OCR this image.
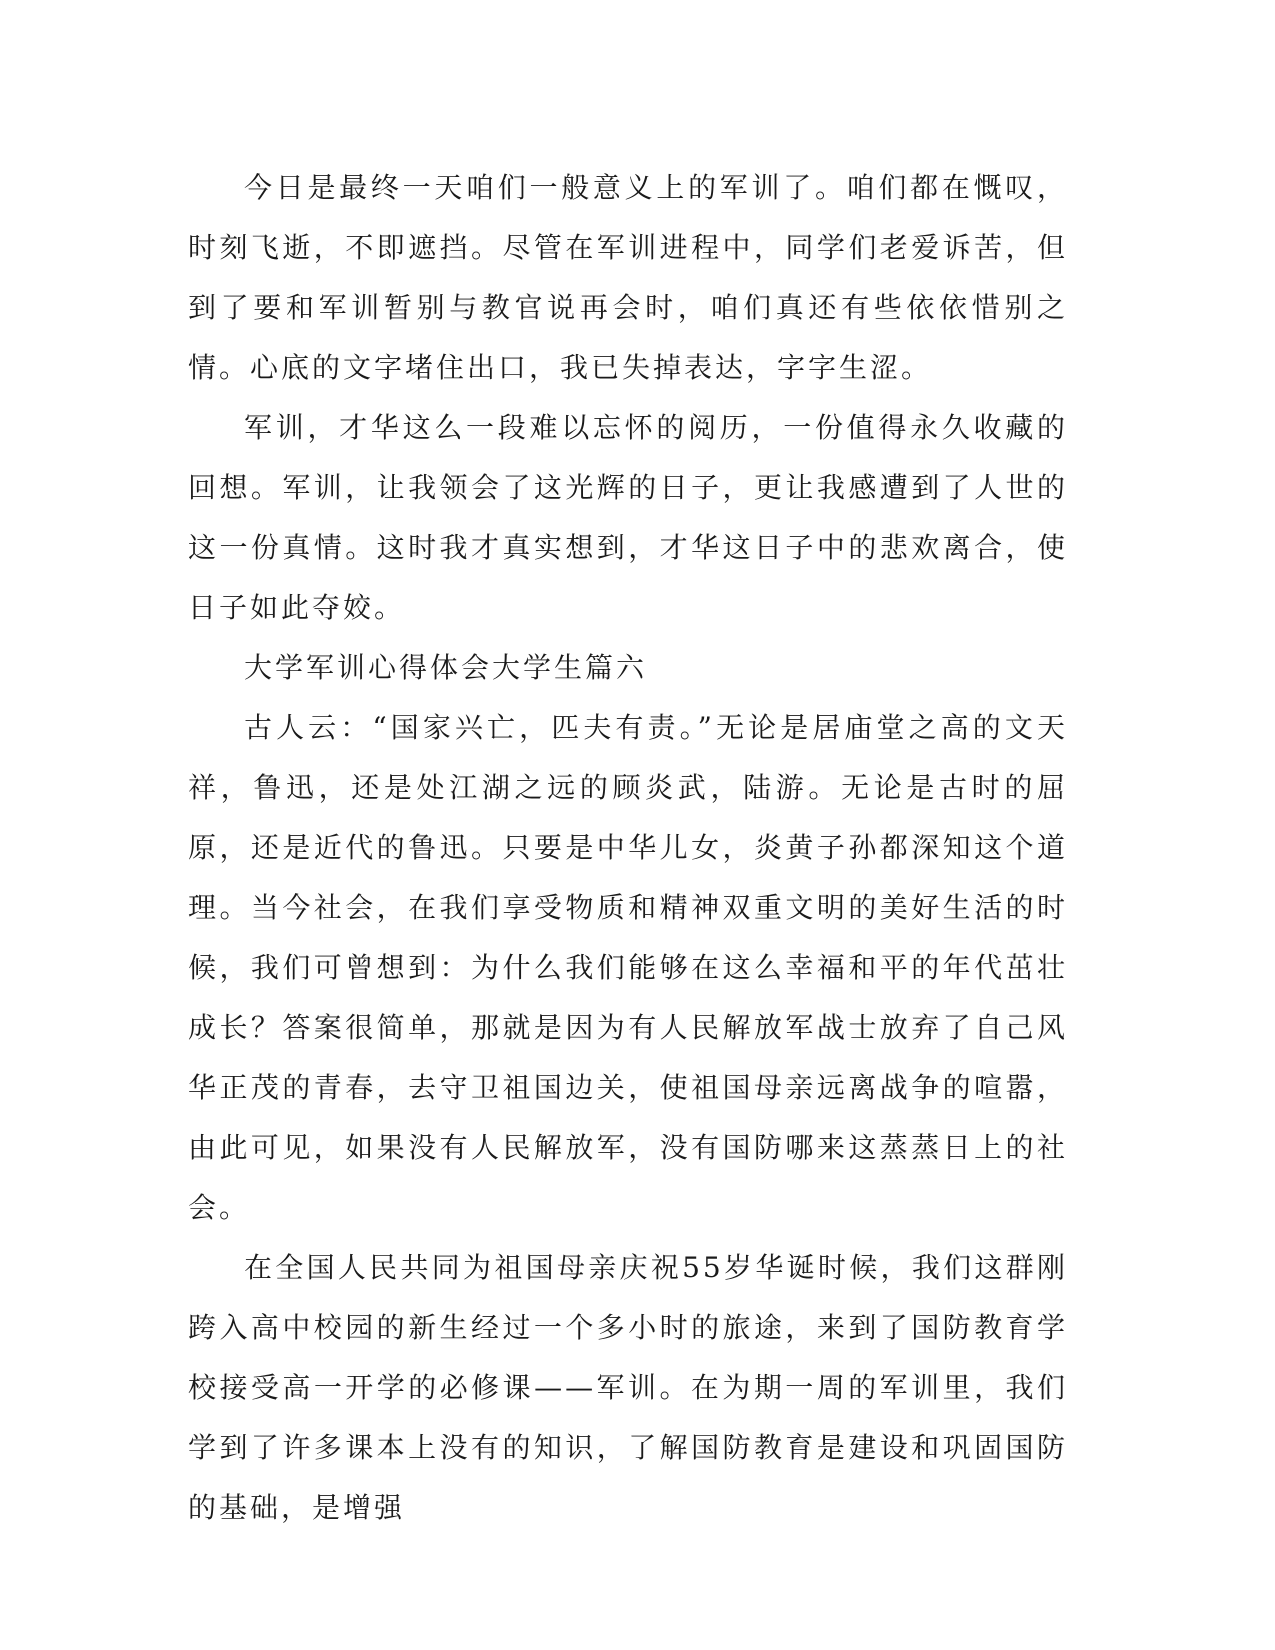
今日是最终一天咱们一般意义上的军训了。咱们都在慨叹，时刻飞逝，不即遮挡。尽管在军训进程中，同学们老爱诉苦，但到了要和军训暂别与教官说再会时，咱们真还有些依依惜别之情。心底的文字堵住出口，我已失掉表达，字字生涩。

军训，才华这么一段难以忘怀的阅历，一份值得永久收藏的回想。军训，让我领会了这光辉的日子，更让我感遭到了人世的这一份真情。这时我才真实想到，才华这日子中的悲欢离合，使日子如此夺姣。

大学军训心得体会大学生篇六

古人云：“国家兴亡，匹夫有责。”无论是居庙堂之高的文天祥，鲁迅，还是处江湖之远的顾炎武，陆游。无论是古时的屈原，还是近代的鲁迅。只要是中华儿女，炎黄子孙都深知这个道理。当今社会，在我们享受物质和精神双重文明的美好生活的时候，我们可曾想到：为什么我们能够在这么幸福和平的年代茁壮成长？答案很简单，那就是因为有人民解放军战士放弃了自己风华正茂的青春，去守卫祖国边关，使祖国母亲远离战争的喧嚣，由此可见，如果没有人民解放军，没有国防哪来这蒸蒸日上的社会。

在全国人民共同为祖国母亲庆祝55岁华诞时候，我们这群刚跨入高中校园的新生经过一个多小时的旅途，来到了国防教育学校接受高一开学的必修课——军训。在为期一周的军训里，我们学到了许多课本上没有的知识，了解国防教育是建设和巩固国防的基础，是增强
